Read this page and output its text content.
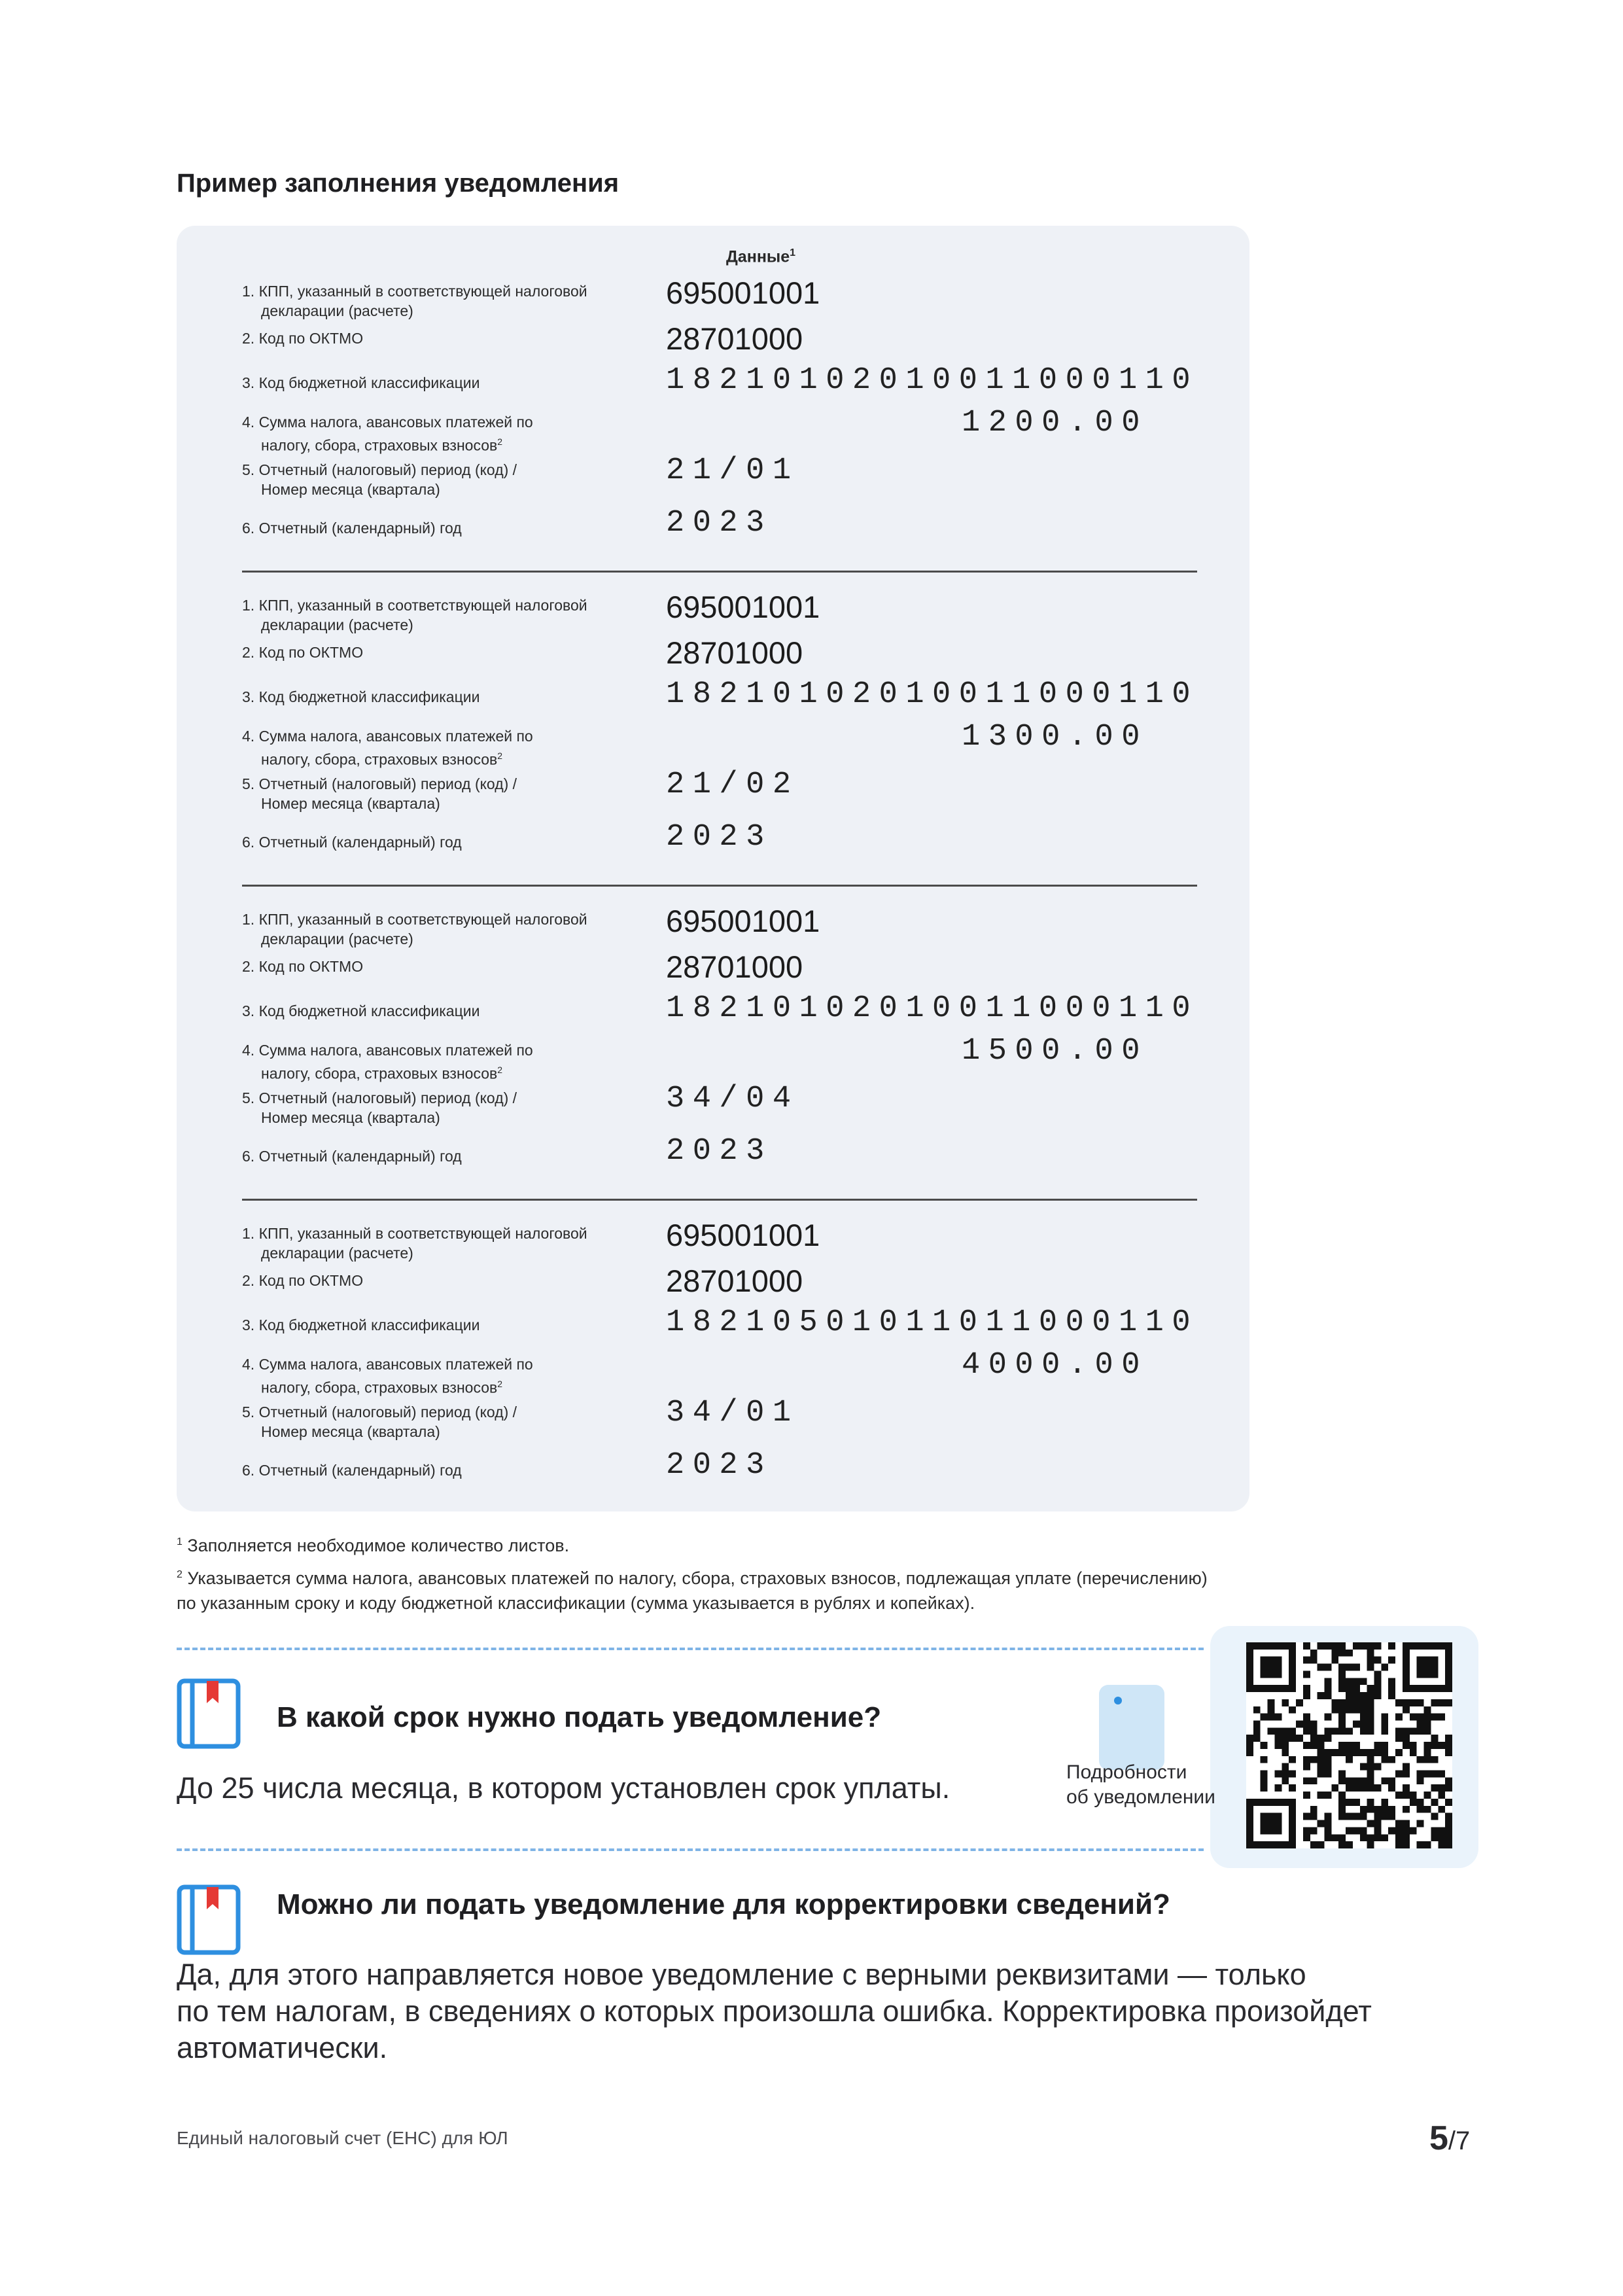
Пример заполнения уведомления
Данные$^1$
1. КПП, указанный в соответствующей налоговой
декларации (расчете)
695001001
2. Код по ОКТМО	28701000
3. Код бюджетной классификации	18210102010011000110
4. Сумма налога, авансовых платежей по
налогу, сбора, страховых взносов$^2$
1200.00
5. Отчетный (налоговый) период (код) /
Номер месяца (квартала)
21/01
6. Отчетный (календарный) год	2023
1. КПП, указанный в соответствующей налоговой
декларации (расчете)
695001001
2. Код по ОКТМО	28701000
3. Код бюджетной классификации	18210102010011000110
4. Сумма налога, авансовых платежей по
налогу, сбора, страховых взносов$^2$
1300.00
5. Отчетный (налоговый) период (код) /
Номер месяца (квартала)
21/02
6. Отчетный (календарный) год	2023
1. КПП, указанный в соответствующей налоговой
декларации (расчете)
695001001
2. Код по ОКТМО	28701000
3. Код бюджетной классификации	18210102010011000110
4. Сумма налога, авансовых платежей по
налогу, сбора, страховых взносов$^2$
1500.00
5. Отчетный (налоговый) период (код) /
Номер месяца (квартала)
34/04
6. Отчетный (календарный) год	2023
1. КПП, указанный в соответствующей налоговой
декларации (расчете)
695001001
2. Код по ОКТМО	28701000
3. Код бюджетной классификации	18210501011011000110
4. Сумма налога, авансовых платежей по
налогу, сбора, страховых взносов$^2$
4000.00
5. Отчетный (налоговый) период (код) /
Номер месяца (квартала)
34/01
6. Отчетный (календарный) год	2023
$^1$ Заполняется необходимое количество листов.
$^2$ Указывается сумма налога, авансовых платежей по налогу, сбора, страховых взносов, подлежащая уплате (перечислению)
по указанным сроку и коду бюджетной классификации (сумма указывается в рублях и копейках).
В какой срок нужно подать уведомление?
До 25 числа месяца, в котором установлен срок уплаты.	Подробности
об уведомлении
Можно ли подать уведомление для корректировки сведений?
Да, для этого направляется новое уведомление с верными реквизитами — только
по тем налогам, в сведениях о которых произошла ошибка. Корректировка произойдет
автоматически.
Единый налоговый счет (ЕНС) для ЮЛ	5/7
